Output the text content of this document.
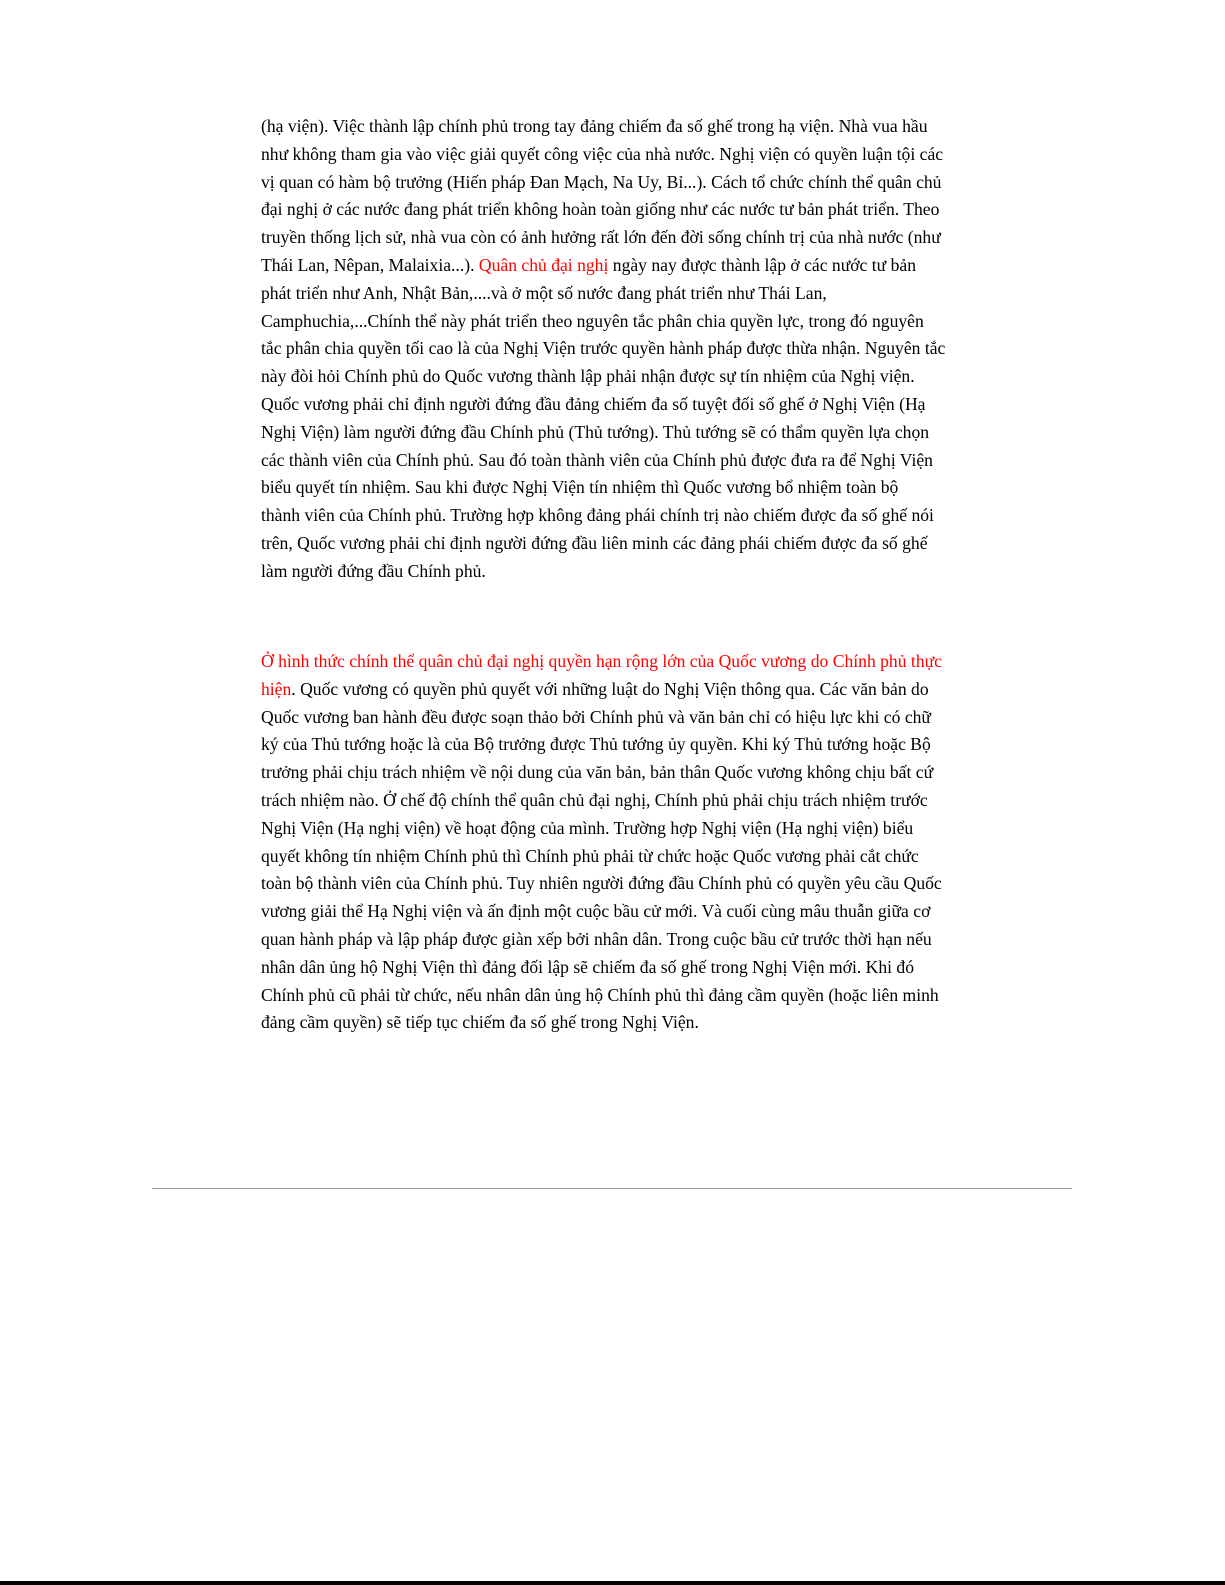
(hạ viện). Việc thành lập chính phủ trong tay đảng chiếm đa số ghế trong hạ viện. Nhà vua hầu
như không tham gia vào việc giải quyết công việc của nhà nước. Nghị viện có quyền luận tội các
vị quan có hàm bộ trưởng (Hiến pháp Đan Mạch, Na Uy, Bỉ...). Cách tổ chức chính thể quân chủ
đại nghị ở các nước đang phát triển không hoàn toàn giống như các nước tư bản phát triển. Theo
truyền thống lịch sử, nhà vua còn có ảnh hưởng rất lớn đến đời sống chính trị của nhà nước (như
Thái Lan, Nêpan, Malaixia...). Quân chủ đại nghị ngày nay được thành lập ở các nước tư bản
phát triển như Anh, Nhật Bản,....và ở một số nước đang phát triển như Thái Lan,
Camphuchia,...Chính thể này phát triển theo nguyên tắc phân chia quyền lực, trong đó nguyên
tắc phân chia quyền tối cao là của Nghị Viện trước quyền hành pháp được thừa nhận. Nguyên tắc
này đòi hỏi Chính phủ do Quốc vương thành lập phải nhận được sự tín nhiệm của Nghị viện.
Quốc vương phải chỉ định người đứng đầu đảng chiếm đa số tuyệt đối số ghế ở Nghị Viện (Hạ
Nghị Viện) làm người đứng đầu Chính phủ (Thủ tướng). Thủ tướng sẽ có thẩm quyền lựa chọn
các thành viên của Chính phủ. Sau đó toàn thành viên của Chính phủ được đưa ra để Nghị Viện
biểu quyết tín nhiệm. Sau khi được Nghị Viện tín nhiệm thì Quốc vương bổ nhiệm toàn bộ
thành viên của Chính phủ. Trường hợp không đảng phái chính trị nào chiếm được đa số ghế nói
trên, Quốc vương phải chỉ định người đứng đầu liên minh các đảng phái chiếm được đa số ghế
làm người đứng đầu Chính phủ.

Ở hình thức chính thể quân chủ đại nghị quyền hạn rộng lớn của Quốc vương do Chính phủ thực
hiện. Quốc vương có quyền phủ quyết với những luật do Nghị Viện thông qua. Các văn bản do
Quốc vương ban hành đều được soạn thảo bởi Chính phủ và văn bản chỉ có hiệu lực khi có chữ
ký của Thủ tướng hoặc là của Bộ trưởng được Thủ tướng ủy quyền. Khi ký Thủ tướng hoặc Bộ
trưởng phải chịu trách nhiệm về nội dung của văn bản, bản thân Quốc vương không chịu bất cứ
trách nhiệm nào. Ở chế độ chính thể quân chủ đại nghị, Chính phủ phải chịu trách nhiệm trước
Nghị Viện (Hạ nghị viện) về hoạt động của mình. Trường hợp Nghị viện (Hạ nghị viện) biểu
quyết không tín nhiệm Chính phủ thì Chính phủ phải từ chức hoặc Quốc vương phải cắt chức
toàn bộ thành viên của Chính phủ. Tuy nhiên người đứng đầu Chính phủ có quyền yêu cầu Quốc
vương giải thể Hạ Nghị viện và ấn định một cuộc bầu cử mới. Và cuối cùng mâu thuẫn giữa cơ
quan hành pháp và lập pháp được giàn xếp bởi nhân dân. Trong cuộc bầu cử trước thời hạn nếu
nhân dân ủng hộ Nghị Viện thì đảng đối lập sẽ chiếm đa số ghế trong Nghị Viện mới. Khi đó
Chính phủ cũ phải từ chức, nếu nhân dân ủng hộ Chính phủ thì đảng cầm quyền (hoặc liên minh
đảng cầm quyền) sẽ tiếp tục chiếm đa số ghế trong Nghị Viện.
